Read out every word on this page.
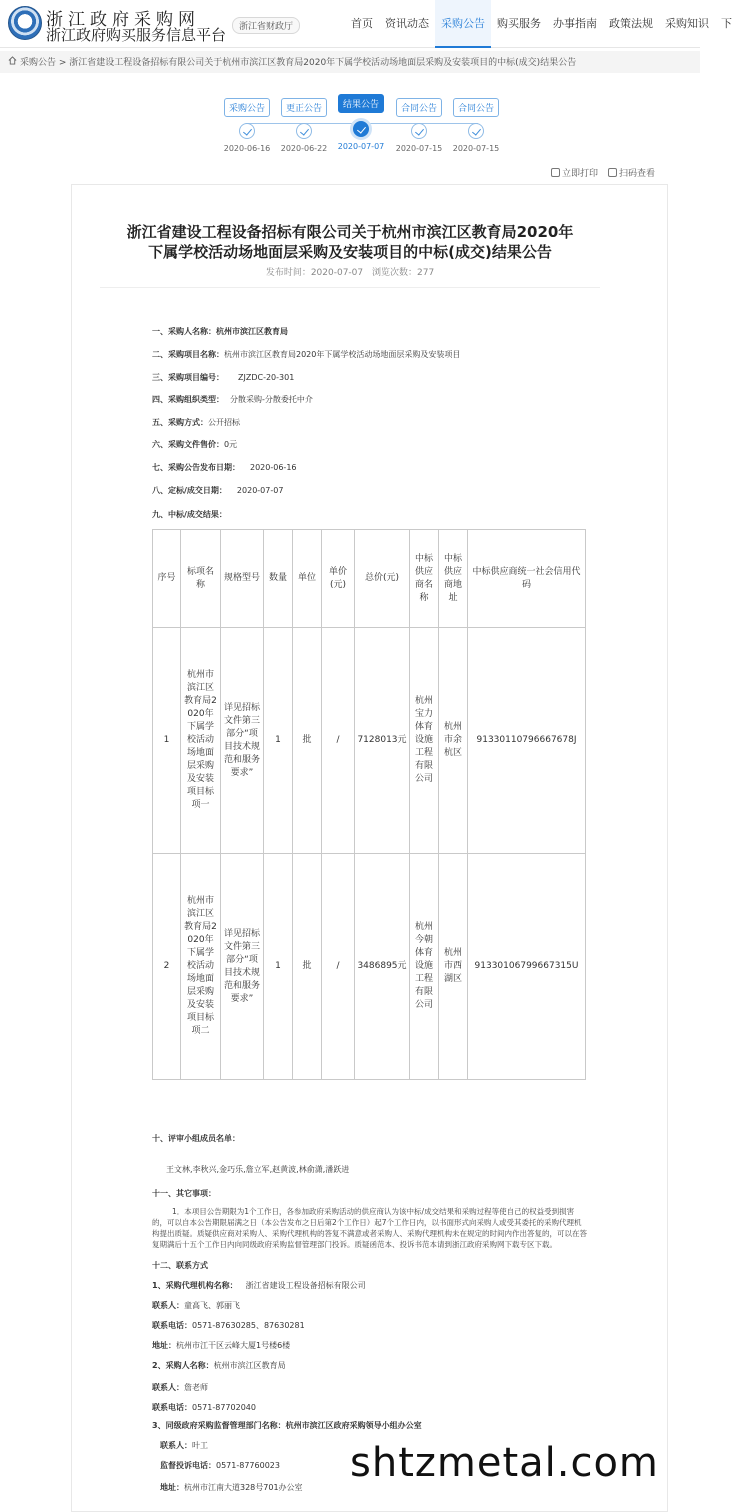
浙江政府采购网
浙江政府购买服务信息平台	浙江省财政厅	首页	资讯动态	采购公告	购买服务	办事指南	政策法规	采购知识	下
采购公告 > 浙江省建设工程设备招标有限公司关于杭州市滨江区教育局2020年下属学校活动场地面层采购及安装项目的中标(成交)结果公告
采购公告
2020-06-16
更正公告
2020-06-22
结果公告
2020-07-07
合同公告
2020-07-15
合同公告
2020-07-15
立即打印 扫码查看
浙江省建设工程设备招标有限公司关于杭州市滨江区教育局2020年
下属学校活动场地面层采购及安装项目的中标(成交)结果公告
发布时间：2020-07-07 浏览次数：277
一、采购人名称：杭州市滨江区教育局
二、采购项目名称：杭州市滨江区教育局2020年下属学校活动场地面层采购及安装项目
三、采购项目编号： ZJZDC-20-301
四、采购组织类型： 分散采购-分散委托中介
五、采购方式：公开招标
六、采购文件售价：0元
七、采购公告发布日期： 2020-06-16
八、定标/成交日期： 2020-07-07
九、中标/成交结果：
序号	标项名称	规格型号	数量	单位	单价(元)	总价(元)	中标供应商名称	中标供应商地址	中标供应商统一社会信用代码
1	杭州市滨江区教育局2020年下属学校活动场地面层采购及安装项目标项一	详见招标文件第三部分“项目技术规范和服务要求”	1	批	/	7128013元	杭州宝力体育设施工程有限公司	杭州市余杭区	91330110796667678J
2	杭州市滨江区教育局2020年下属学校活动场地面层采购及安装项目标项二	详见招标文件第三部分“项目技术规范和服务要求”	1	批	/	3486895元	杭州今朝体育设施工程有限公司	杭州市西湖区	91330106799667315U
十、评审小组成员名单：
王文林,李秋兴,金巧乐,詹立军,赵黄波,林俞潇,潘跃进
十一、其它事项：
1．本项目公告期限为1个工作日，各参加政府采购活动的供应商认为该中标/成交结果和采购过程等使自己的权益受到损害的，可以自本公告期限届满之日（本公告发布之日后第2个工作日）起7个工作日内，以书面形式向采购人或受其委托的采购代理机构提出质疑。质疑供应商对采购人、采购代理机构的答复不满意或者采购人、采购代理机构未在规定的时间内作出答复的，可以在答复期满后十五个工作日内向同级政府采购监督管理部门投诉。质疑函范本、投诉书范本请到浙江政府采购网下载专区下载。
十二、联系方式
1、采购代理机构名称： 浙江省建设工程设备招标有限公司
联系人：童高飞、郭丽飞
联系电话：0571-87630285、87630281
地址：杭州市江干区云峰大厦1号楼6楼
2、采购人名称：杭州市滨江区教育局
联系人：詹老师
联系电话：0571-87702040
3、同级政府采购监督管理部门名称：杭州市滨江区政府采购领导小组办公室
联系人：叶工
监督投诉电话：0571-87760023
地址：杭州市江南大道328号701办公室
shtzmetal.com
